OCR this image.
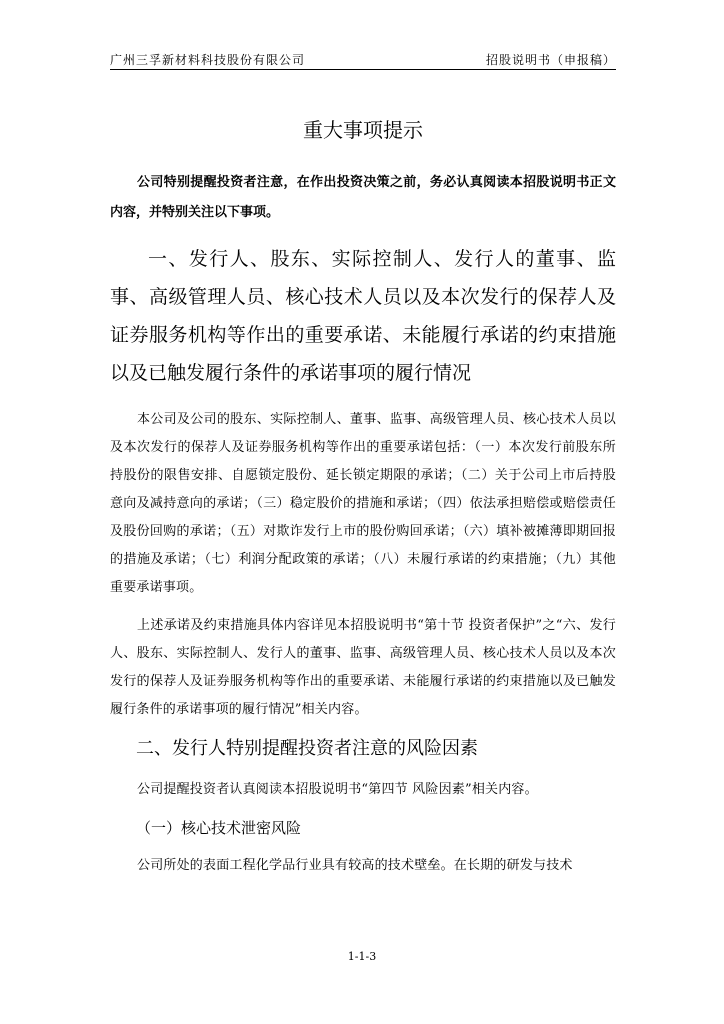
广州三孚新材料科技股份有限公司	招股说明书（申报稿）
重大事项提示

公司特别提醒投资者注意，在作出投资决策之前，务必认真阅读本招股说明书正文内容，并特别关注以下事项。

一、发行人、股东、实际控制人、发行人的董事、监事、高级管理人员、核心技术人员以及本次发行的保荐人及证券服务机构等作出的重要承诺、未能履行承诺的约束措施以及已触发履行条件的承诺事项的履行情况

本公司及公司的股东、实际控制人、董事、监事、高级管理人员、核心技术人员以及本次发行的保荐人及证券服务机构等作出的重要承诺包括：（一）本次发行前股东所持股份的限售安排、自愿锁定股份、延长锁定期限的承诺；（二）关于公司上市后持股意向及减持意向的承诺；（三）稳定股价的措施和承诺；（四）依法承担赔偿或赔偿责任及股份回购的承诺；（五）对欺诈发行上市的股份购回承诺；（六）填补被摊薄即期回报的措施及承诺；（七）利润分配政策的承诺；（八）未履行承诺的约束措施；（九）其他重要承诺事项。

上述承诺及约束措施具体内容详见本招股说明书“第十节 投资者保护”之“六、发行人、股东、实际控制人、发行人的董事、监事、高级管理人员、核心技术人员以及本次发行的保荐人及证券服务机构等作出的重要承诺、未能履行承诺的约束措施以及已触发履行条件的承诺事项的履行情况”相关内容。

二、发行人特别提醒投资者注意的风险因素

公司提醒投资者认真阅读本招股说明书“第四节 风险因素”相关内容。

（一）核心技术泄密风险

公司所处的表面工程化学品行业具有较高的技术壁垒。在长期的研发与技术

1-1-3
